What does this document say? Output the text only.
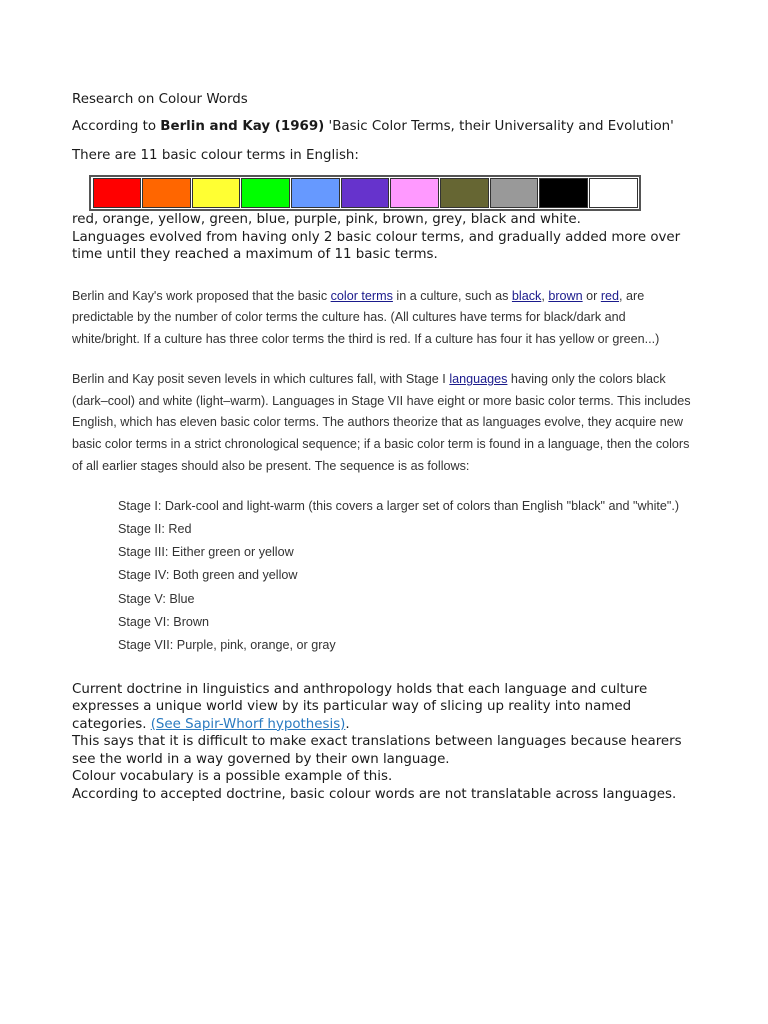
Research on Colour Words

According to Berlin and Kay (1969) 'Basic Color Terms, their Universality and Evolution'

There are 11 basic colour terms in English:

red, orange, yellow, green, blue, purple, pink, brown, grey, black and white.

Languages evolved from having only 2 basic colour terms, and gradually added more over time until they reached a maximum of 11 basic terms.

Berlin and Kay's work proposed that the basic color terms in a culture, such as black, brown or red, are predictable by the number of color terms the culture has. (All cultures have terms for black/dark and white/bright. If a culture has three color terms the third is red. If a culture has four it has yellow or green...)

Berlin and Kay posit seven levels in which cultures fall, with Stage I languages having only the colors black (dark–cool) and white (light–warm). Languages in Stage VII have eight or more basic color terms. This includes English, which has eleven basic color terms. The authors theorize that as languages evolve, they acquire new basic color terms in a strict chronological sequence; if a basic color term is found in a language, then the colors of all earlier stages should also be present. The sequence is as follows:

Stage I: Dark-cool and light-warm (this covers a larger set of colors than English "black" and "white".)

Stage II: Red

Stage III: Either green or yellow

Stage IV: Both green and yellow

Stage V: Blue

Stage VI: Brown

Stage VII: Purple, pink, orange, or gray

Current doctrine in linguistics and anthropology holds that each language and culture expresses a unique world view by its particular way of slicing up reality into named categories. (See Sapir-Whorf hypothesis).

This says that it is difficult to make exact translations between languages because hearers see the world in a way governed by their own language.

Colour vocabulary is a possible example of this.

According to accepted doctrine, basic colour words are not translatable across languages.
